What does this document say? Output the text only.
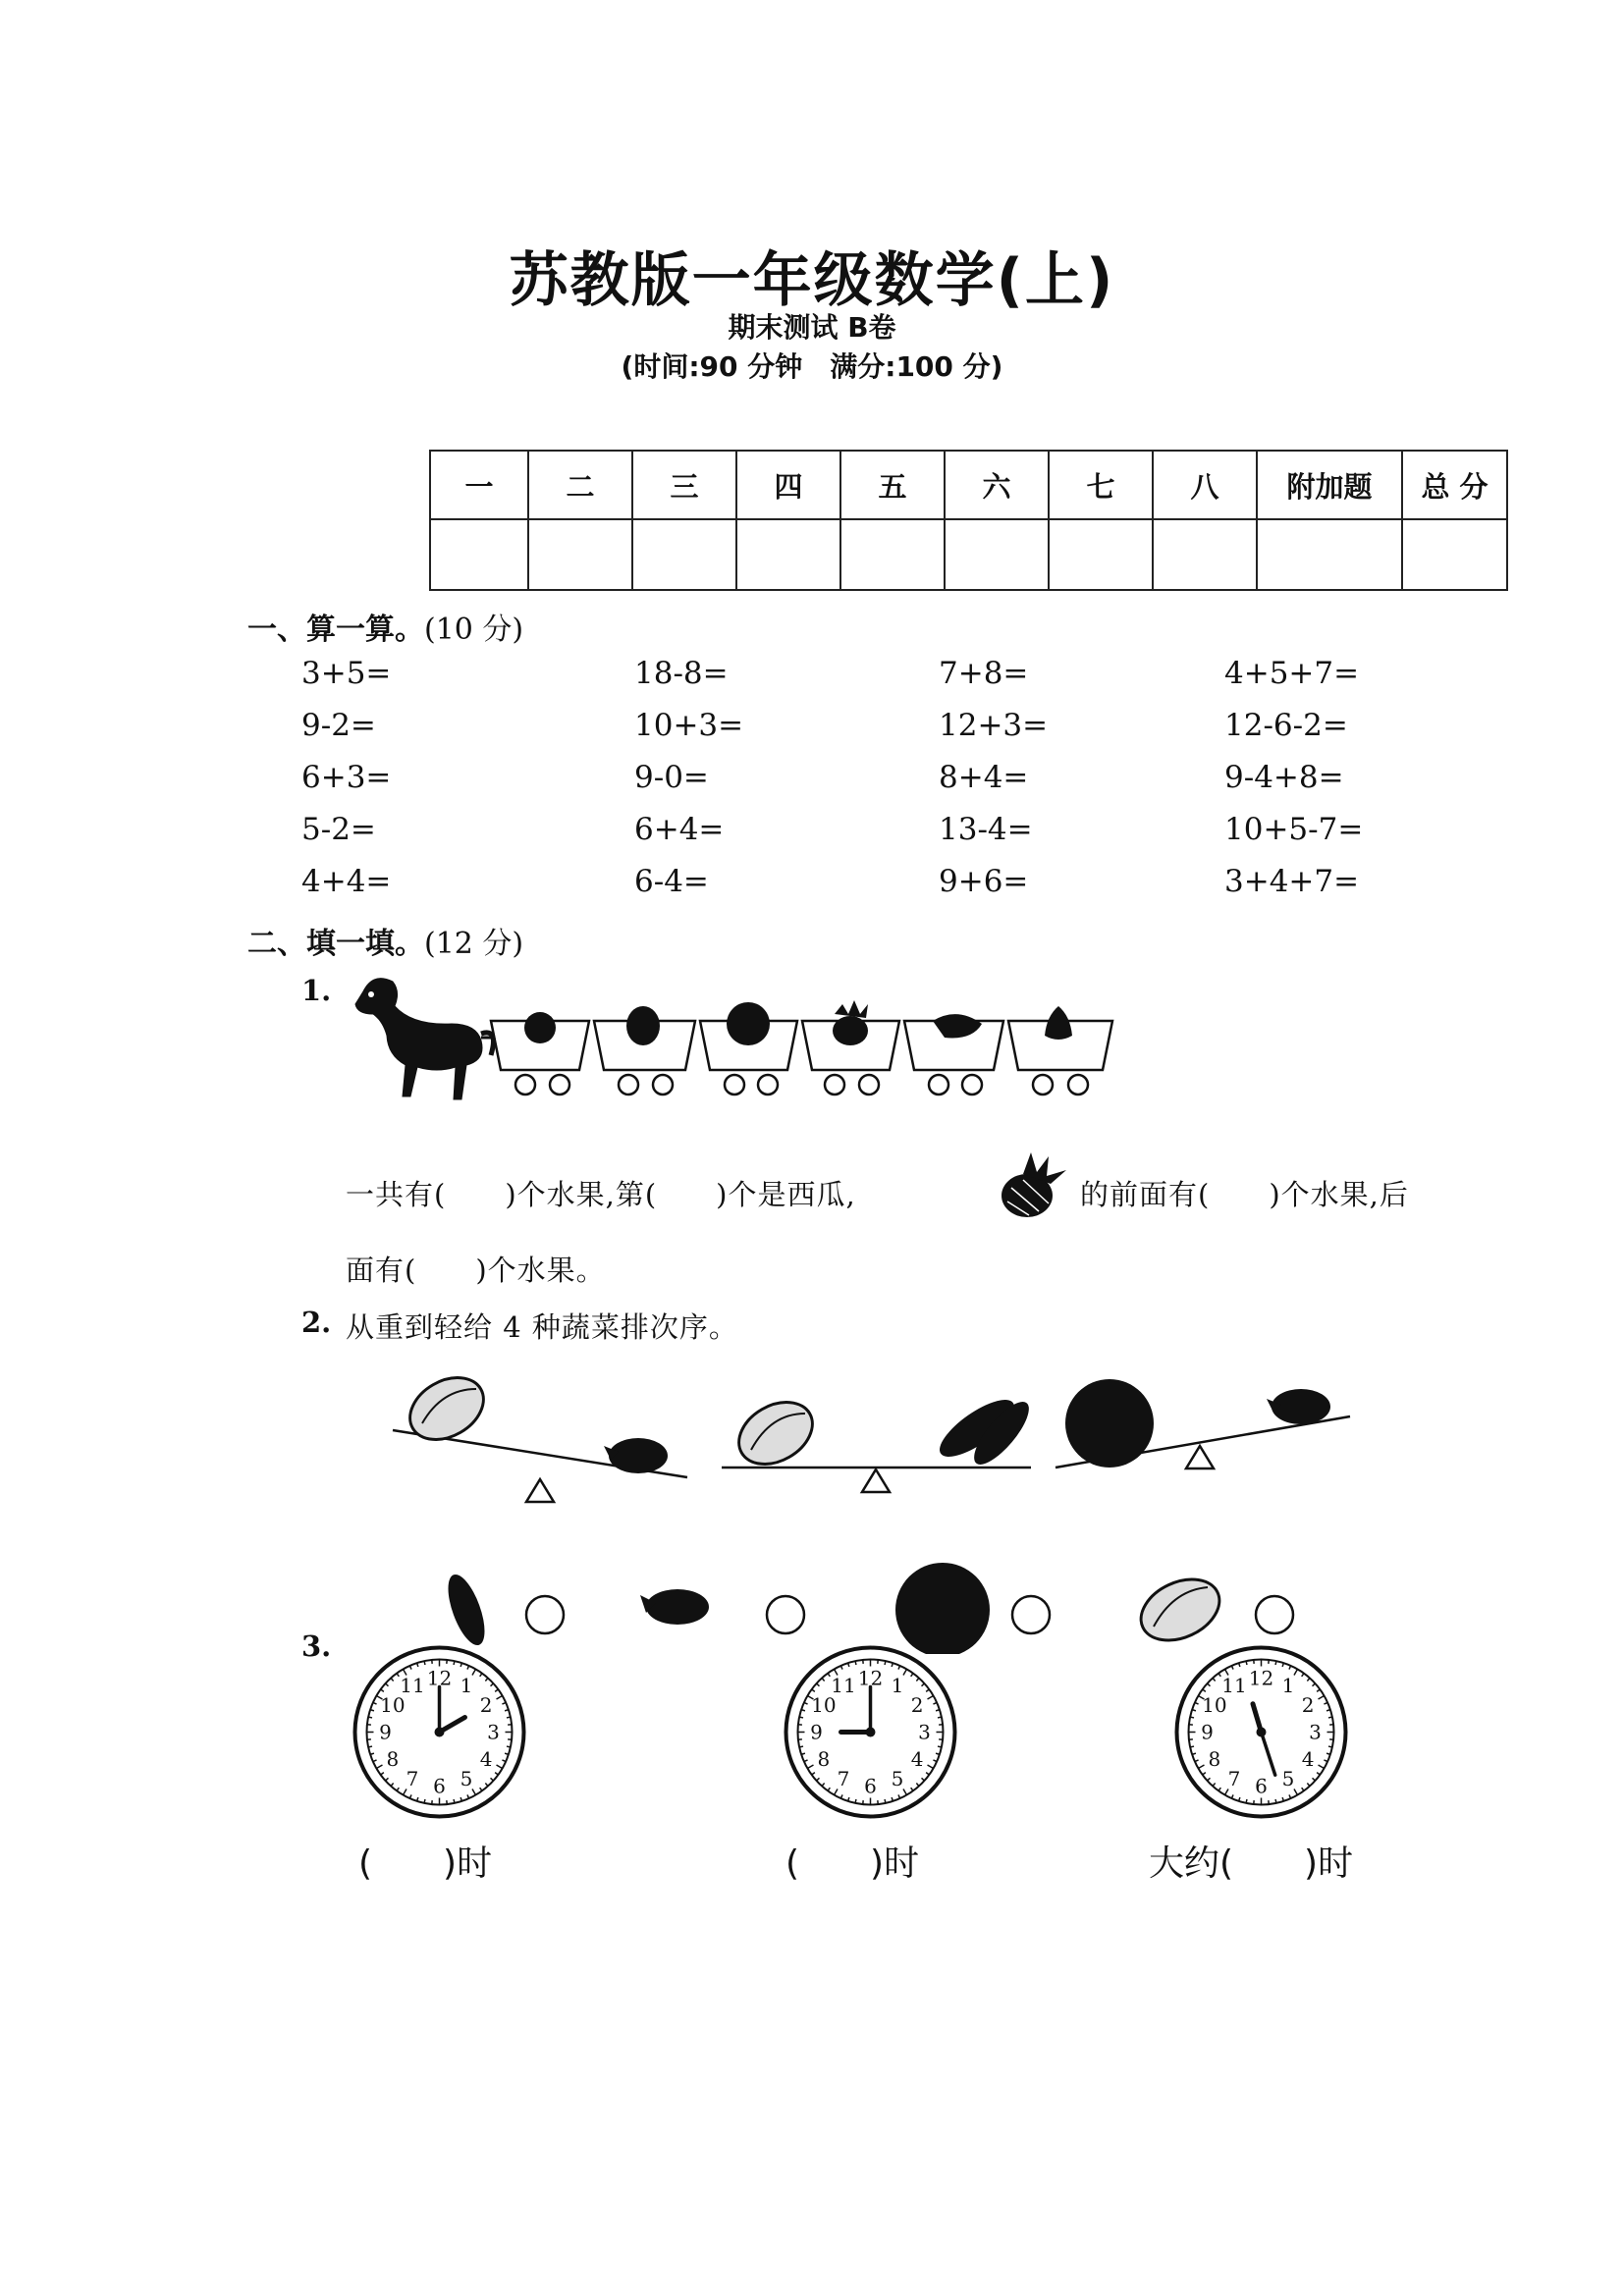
苏教版一年级数学(上)
期末测试 B卷
(时间:90 分钟　满分:100 分)
一	二	三	四	五	六	七	八	附加题	总 分

一、算一算。(10 分)
3+5=	18-8=	7+8=	4+5+7=
9-2=	10+3=	12+3=	12-6-2=
6+3=	9-0=	8+4=	9-4+8=
5-2=	6+4=	13-4=	10+5-7=
4+4=	6-4=	9+6=	3+4+7=
二、填一填。(12 分)
1.
一共有(　　)个水果,第(　　)个是西瓜,	的前面有(　　)个水果,后
面有(　　)个水果。
2. 从重到轻给 4 种蔬菜排次序。
3.
1
2
3
4
5
6
7
8
9
10
11 12	1
2
3
4
5
6
7
8
9
10
11 12	1
2
3
4
5
6
7
8
9
10
11 12
(　　)时	(　　)时	大约(　　)时
